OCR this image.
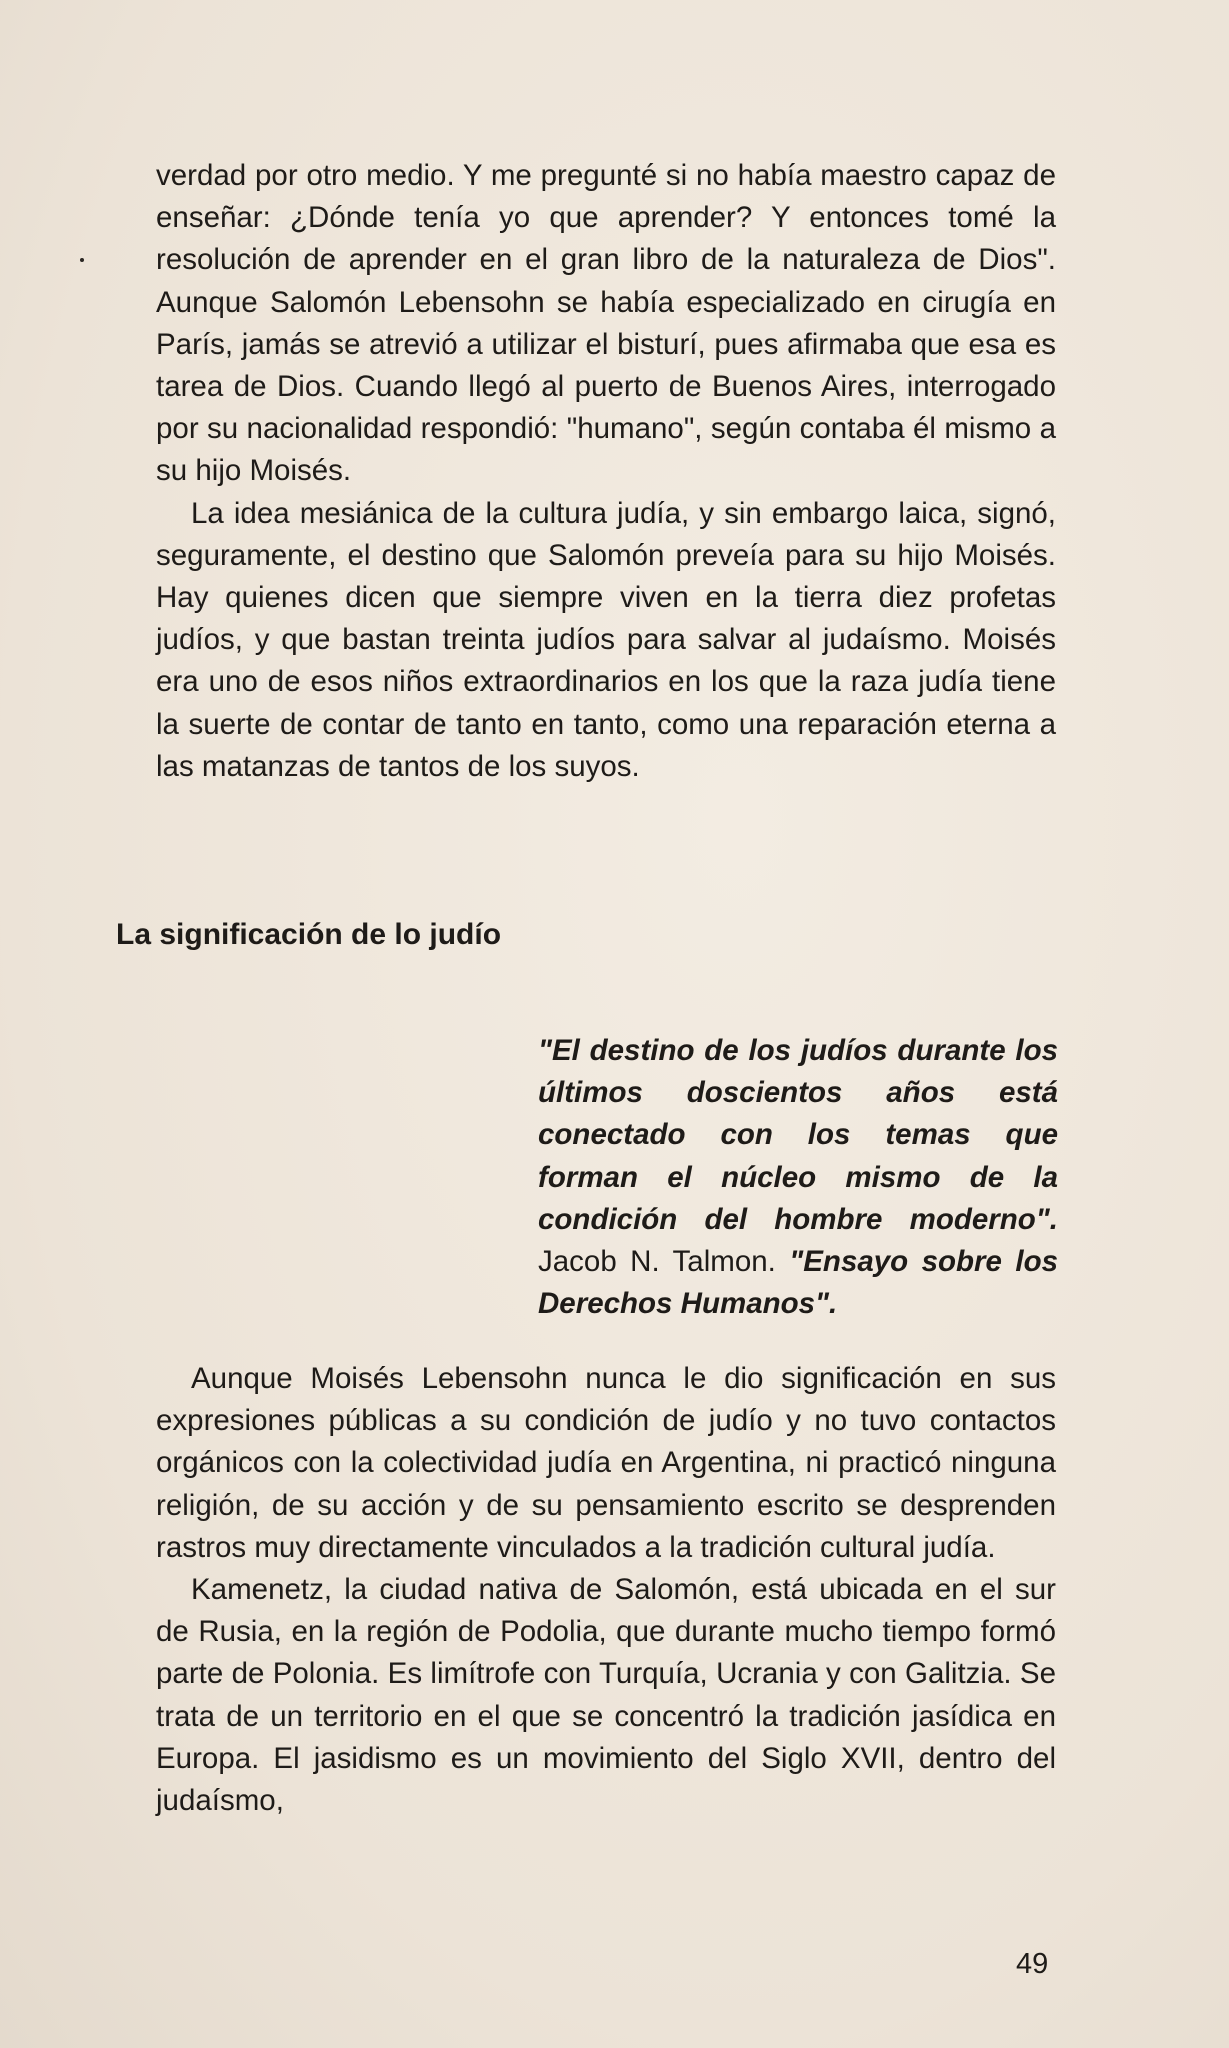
verdad por otro medio. Y me pregunté si no había maestro capaz de enseñar: ¿Dónde tenía yo que aprender? Y entonces tomé la resolución de aprender en el gran libro de la naturaleza de Dios". Aunque Salomón Lebensohn se había especializado en cirugía en París, jamás se atrevió a utilizar el bisturí, pues afirmaba que esa es tarea de Dios. Cuando llegó al puerto de Buenos Aires, interrogado por su nacionalidad respondió: "humano", según contaba él mismo a su hijo Moisés.

La idea mesiánica de la cultura judía, y sin embargo laica, signó, seguramente, el destino que Salomón preveía para su hijo Moisés. Hay quienes dicen que siempre viven en la tierra diez profetas judíos, y que bastan treinta judíos para salvar al judaísmo. Moisés era uno de esos niños extraordinarios en los que la raza judía tiene la suerte de contar de tanto en tanto, como una reparación eterna a las matanzas de tantos de los suyos.

La significación de lo judío
"El destino de los judíos durante los últimos doscientos años está conectado con los temas que forman el núcleo mismo de la condición del hombre moderno". Jacob N. Talmon. "Ensayo sobre los Derechos Humanos".

Aunque Moisés Lebensohn nunca le dio significación en sus expresiones públicas a su condición de judío y no tuvo contactos orgánicos con la colectividad judía en Argentina, ni practicó ninguna religión, de su acción y de su pensamiento escrito se desprenden rastros muy directamente vinculados a la tradición cultural judía.

Kamenetz, la ciudad nativa de Salomón, está ubicada en el sur de Rusia, en la región de Podolia, que durante mucho tiempo formó parte de Polonia. Es limítrofe con Turquía, Ucrania y con Galitzia. Se trata de un territorio en el que se concentró la tradición jasídica en Europa. El jasidismo es un movimiento del Siglo XVII, dentro del judaísmo,

49
